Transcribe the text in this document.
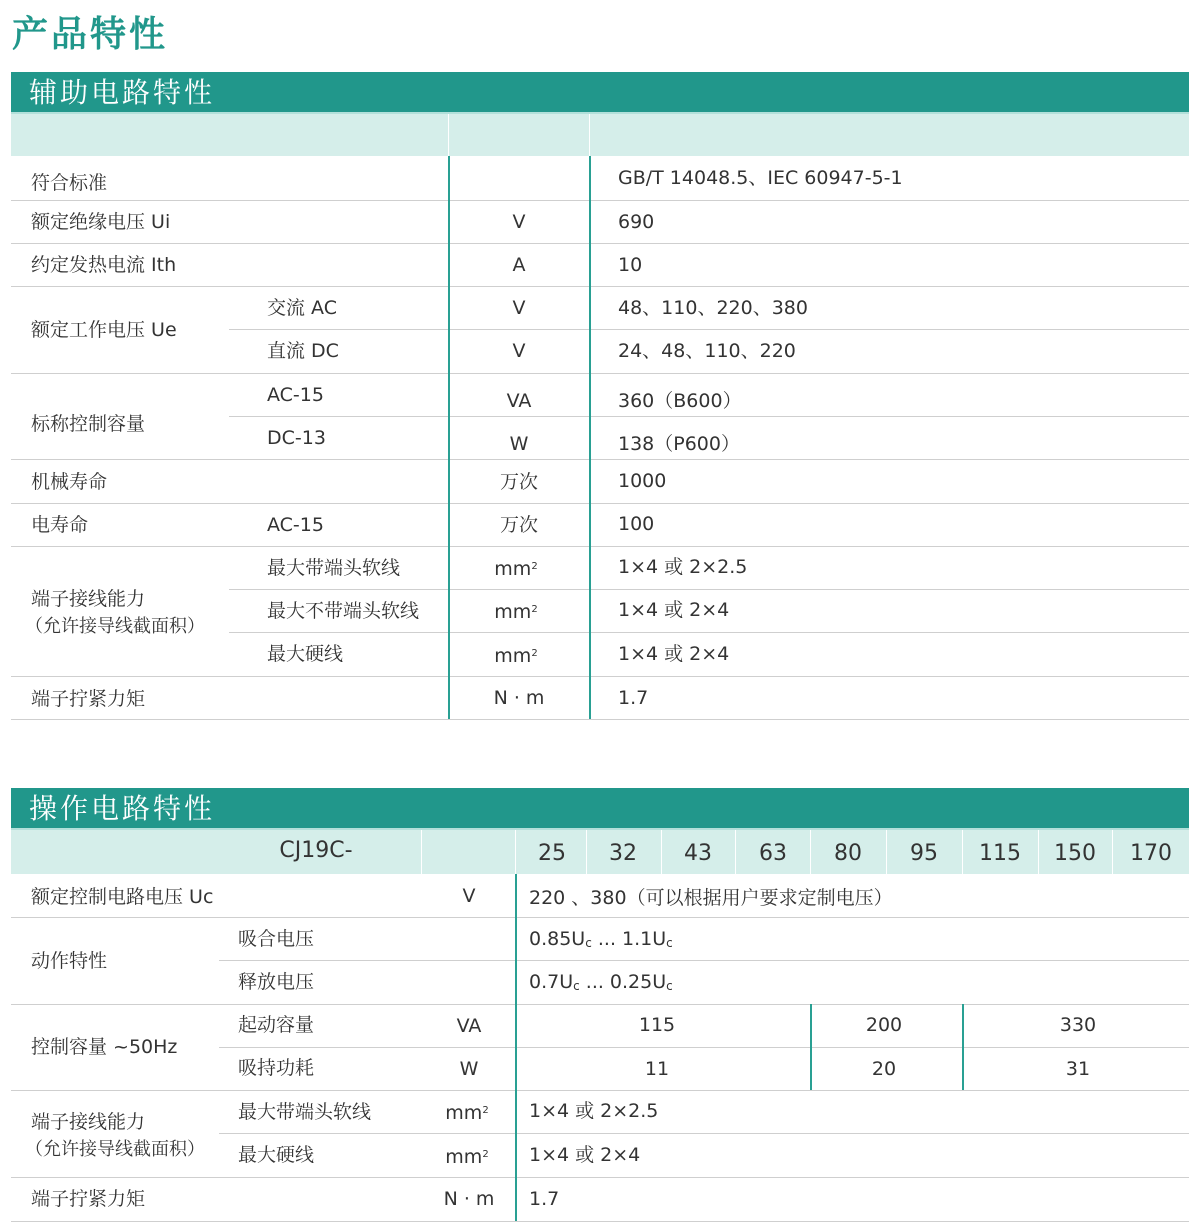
产品特性
辅助电路特性
符合标准	GB/T 14048.5、IEC 60947-5-1
额定绝缘电压 Ui	V	690
约定发热电流 Ith	A	10
额定工作电压 Ue
交流 AC	V	48、110、220、380
直流 DC	V	24、48、110、220
标称控制容量
AC-15	VA	360（B600）
DC-13	W	138（P600）
机械寿命	万次	1000
电寿命	AC-15	万次	100
端子接线能力
（允许接导线截面积）
最大带端头软线	$mm^2$	1×4 或 2×2.5
最大不带端头软线	$mm^2$	1×4 或 2×4
最大硬线	$mm^2$	1×4 或 2×4
端子拧紧力矩	N · m	1.7
操作电路特性
CJ19C-	25 32 43 63 80 95 115 150 170
额定控制电路电压 Uc	V	220 、380（可以根据用户要求定制电压）
动作特性
吸合电压	$0.85U_c$ ... $1.1U_c$
释放电压	$0.7U_c$ ... $0.25U_c$
控制容量 ~50Hz
起动容量	VA	115	200	330
吸持功耗	W	11	20	31
端子接线能力
（允许接导线截面积）
最大带端头软线	$mm^2$ 1×4 或 2×2.5
最大硬线	$mm^2$ 1×4 或 2×4
端子拧紧力矩	N · m 1.7
